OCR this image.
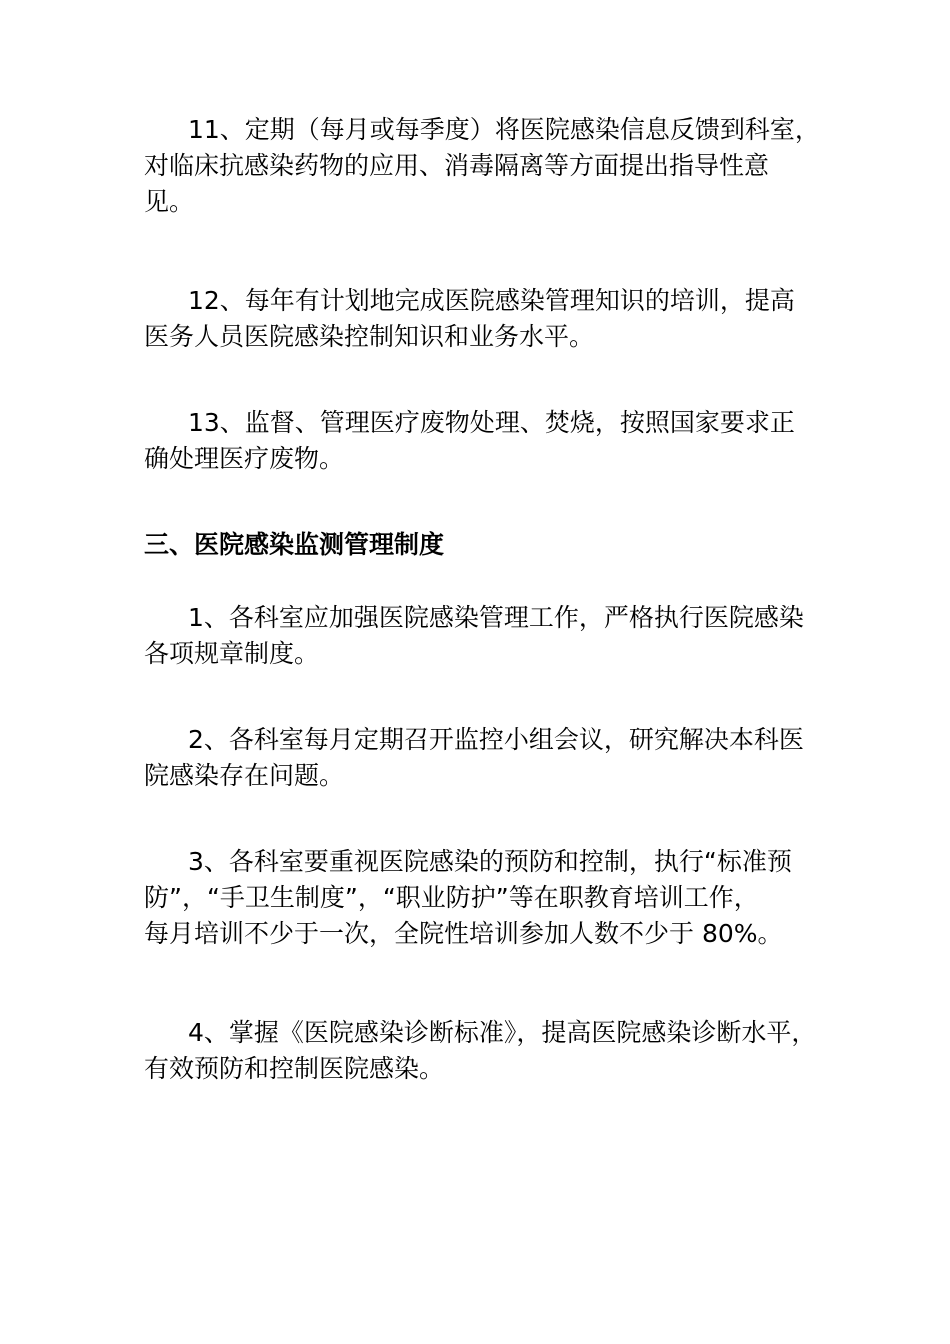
11、定期（每月或每季度）将医院感染信息反馈到科室，
对临床抗感染药物的应用、消毒隔离等方面提出指导性意
见。
12、每年有计划地完成医院感染管理知识的培训，提高
医务人员医院感染控制知识和业务水平。
13、监督、管理医疗废物处理、焚烧，按照国家要求正
确处理医疗废物。
三、医院感染监测管理制度
1、各科室应加强医院感染管理工作，严格执行医院感染
各项规章制度。
2、各科室每月定期召开监控小组会议，研究解决本科医
院感染存在问题。
3、各科室要重视医院感染的预防和控制，执行“标准预
防”，“手卫生制度”，“职业防护”等在职教育培训工作，
每月培训不少于一次，全院性培训参加人数不少于 80%。
4、掌握《医院感染诊断标准》，提高医院感染诊断水平，
有效预防和控制医院感染。
